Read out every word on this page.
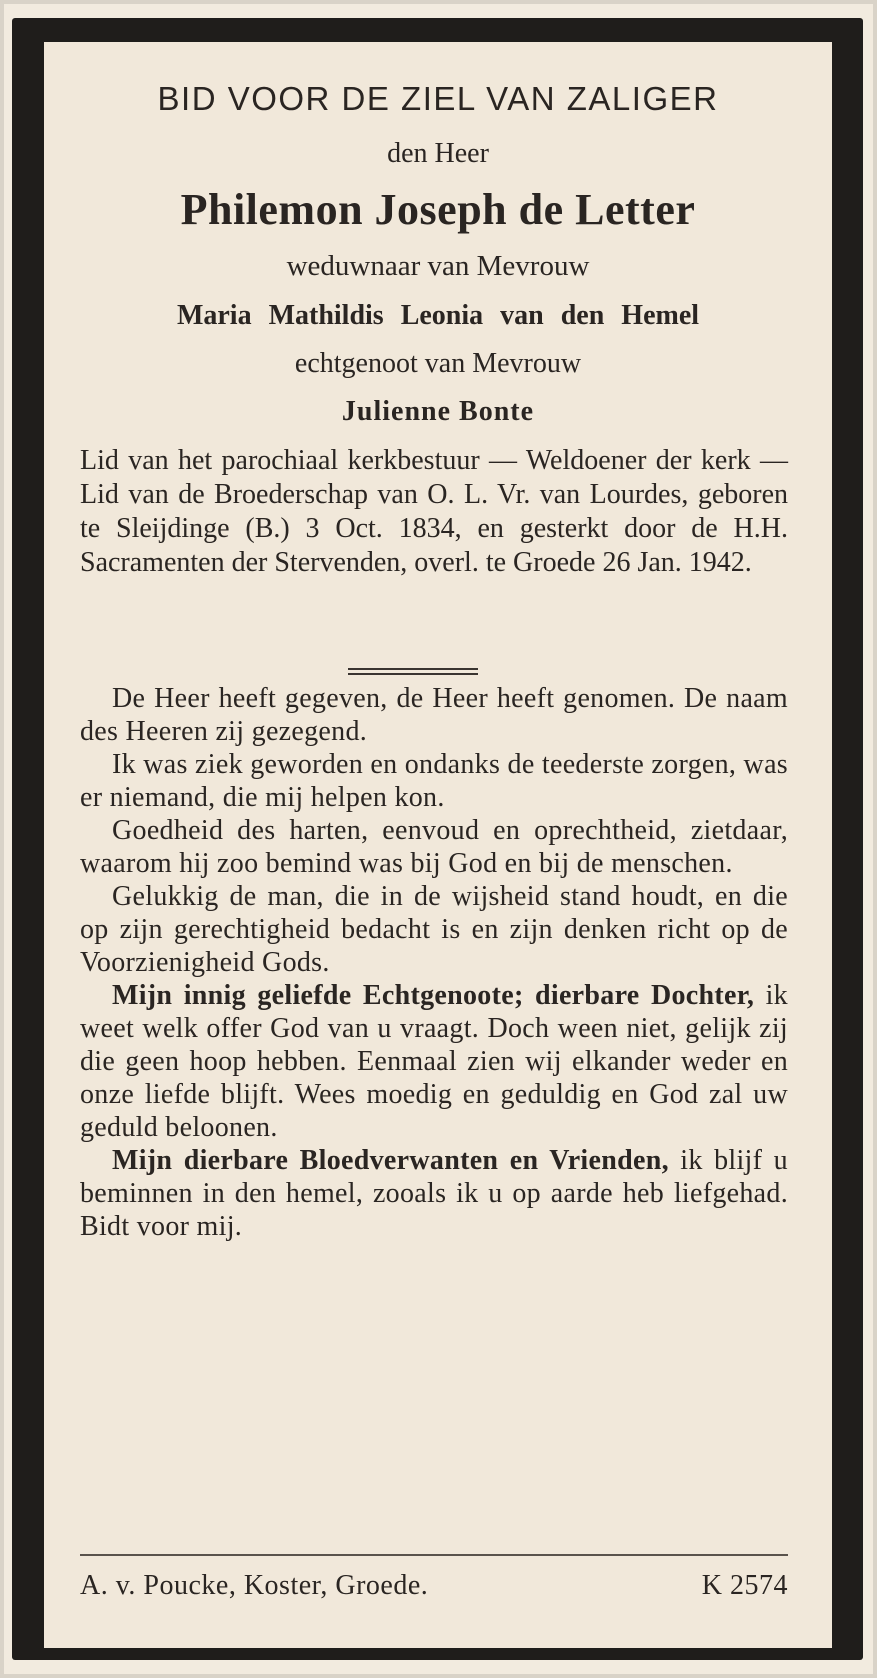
BID VOOR DE ZIEL VAN ZALIGER
den Heer
Philemon Joseph de Letter
weduwnaar van Mevrouw
Maria Mathildis Leonia van den Hemel
echtgenoot van Mevrouw
Julienne Bonte
Lid van het parochiaal kerkbestuur — Weldoener der kerk — Lid van de Broederschap van O. L. Vr. van Lourdes, geboren te Sleijdinge (B.) 3 Oct. 1834, en gesterkt door de H.H. Sacramenten der Stervenden, overl. te Groede 26 Jan. 1942.

De Heer heeft gegeven, de Heer heeft genomen. De naam des Heeren zij gezegend.

Ik was ziek geworden en ondanks de teederste zorgen, was er niemand, die mij helpen kon.

Goedheid des harten, eenvoud en oprechtheid, zietdaar, waarom hij zoo bemind was bij God en bij de menschen.

Gelukkig de man, die in de wijsheid stand houdt, en die op zijn gerechtigheid bedacht is en zijn denken richt op de Voorzienigheid Gods.

Mijn innig geliefde Echtgenoote; dierbare Dochter, ik weet welk offer God van u vraagt. Doch ween niet, gelijk zij die geen hoop hebben. Eenmaal zien wij elkander weder en onze liefde blijft. Wees moedig en geduldig en God zal uw geduld beloonen.

Mijn dierbare Bloedverwanten en Vrienden, ik blijf u beminnen in den hemel, zooals ik u op aarde heb liefgehad. Bidt voor mij.

A. v. Poucke, Koster, Groede.	K 2574
